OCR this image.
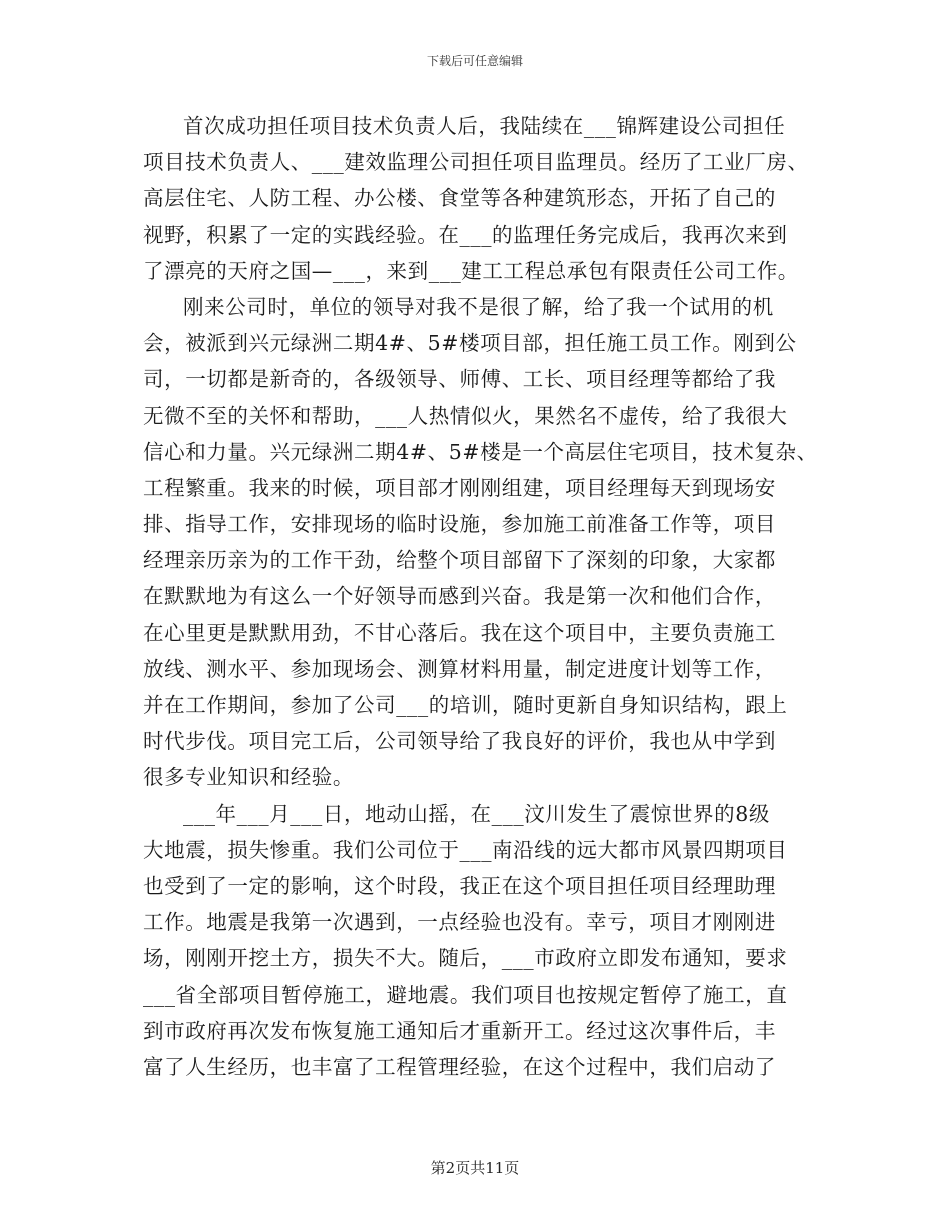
下载后可任意编辑
首次成功担任项目技术负责人后，我陆续在___锦辉建设公司担任
项目技术负责人、___建效监理公司担任项目监理员。经历了工业厂房、
高层住宅、人防工程、办公楼、食堂等各种建筑形态，开拓了自己的
视野，积累了一定的实践经验。在___的监理任务完成后，我再次来到
了漂亮的天府之国—___，来到___建工工程总承包有限责任公司工作。
刚来公司时，单位的领导对我不是很了解，给了我一个试用的机
会，被派到兴元绿洲二期4#、5#楼项目部，担任施工员工作。刚到公
司，一切都是新奇的，各级领导、师傅、工长、项目经理等都给了我
无微不至的关怀和帮助，___人热情似火，果然名不虚传，给了我很大
信心和力量。兴元绿洲二期4#、5#楼是一个高层住宅项目，技术复杂、
工程繁重。我来的时候，项目部才刚刚组建，项目经理每天到现场安
排、指导工作，安排现场的临时设施，参加施工前准备工作等，项目
经理亲历亲为的工作干劲，给整个项目部留下了深刻的印象，大家都
在默默地为有这么一个好领导而感到兴奋。我是第一次和他们合作，
在心里更是默默用劲，不甘心落后。我在这个项目中，主要负责施工
放线、测水平、参加现场会、测算材料用量，制定进度计划等工作，
并在工作期间，参加了公司___的培训，随时更新自身知识结构，跟上
时代步伐。项目完工后，公司领导给了我良好的评价，我也从中学到
很多专业知识和经验。
___年___月___日，地动山摇，在___汶川发生了震惊世界的8级
大地震，损失惨重。我们公司位于___南沿线的远大都市风景四期项目
也受到了一定的影响，这个时段，我正在这个项目担任项目经理助理
工作。地震是我第一次遇到，一点经验也没有。幸亏，项目才刚刚进
场，刚刚开挖土方，损失不大。随后，___市政府立即发布通知，要求
___省全部项目暂停施工，避地震。我们项目也按规定暂停了施工，直
到市政府再次发布恢复施工通知后才重新开工。经过这次事件后，丰
富了人生经历，也丰富了工程管理经验，在这个过程中，我们启动了
第2页共11页
